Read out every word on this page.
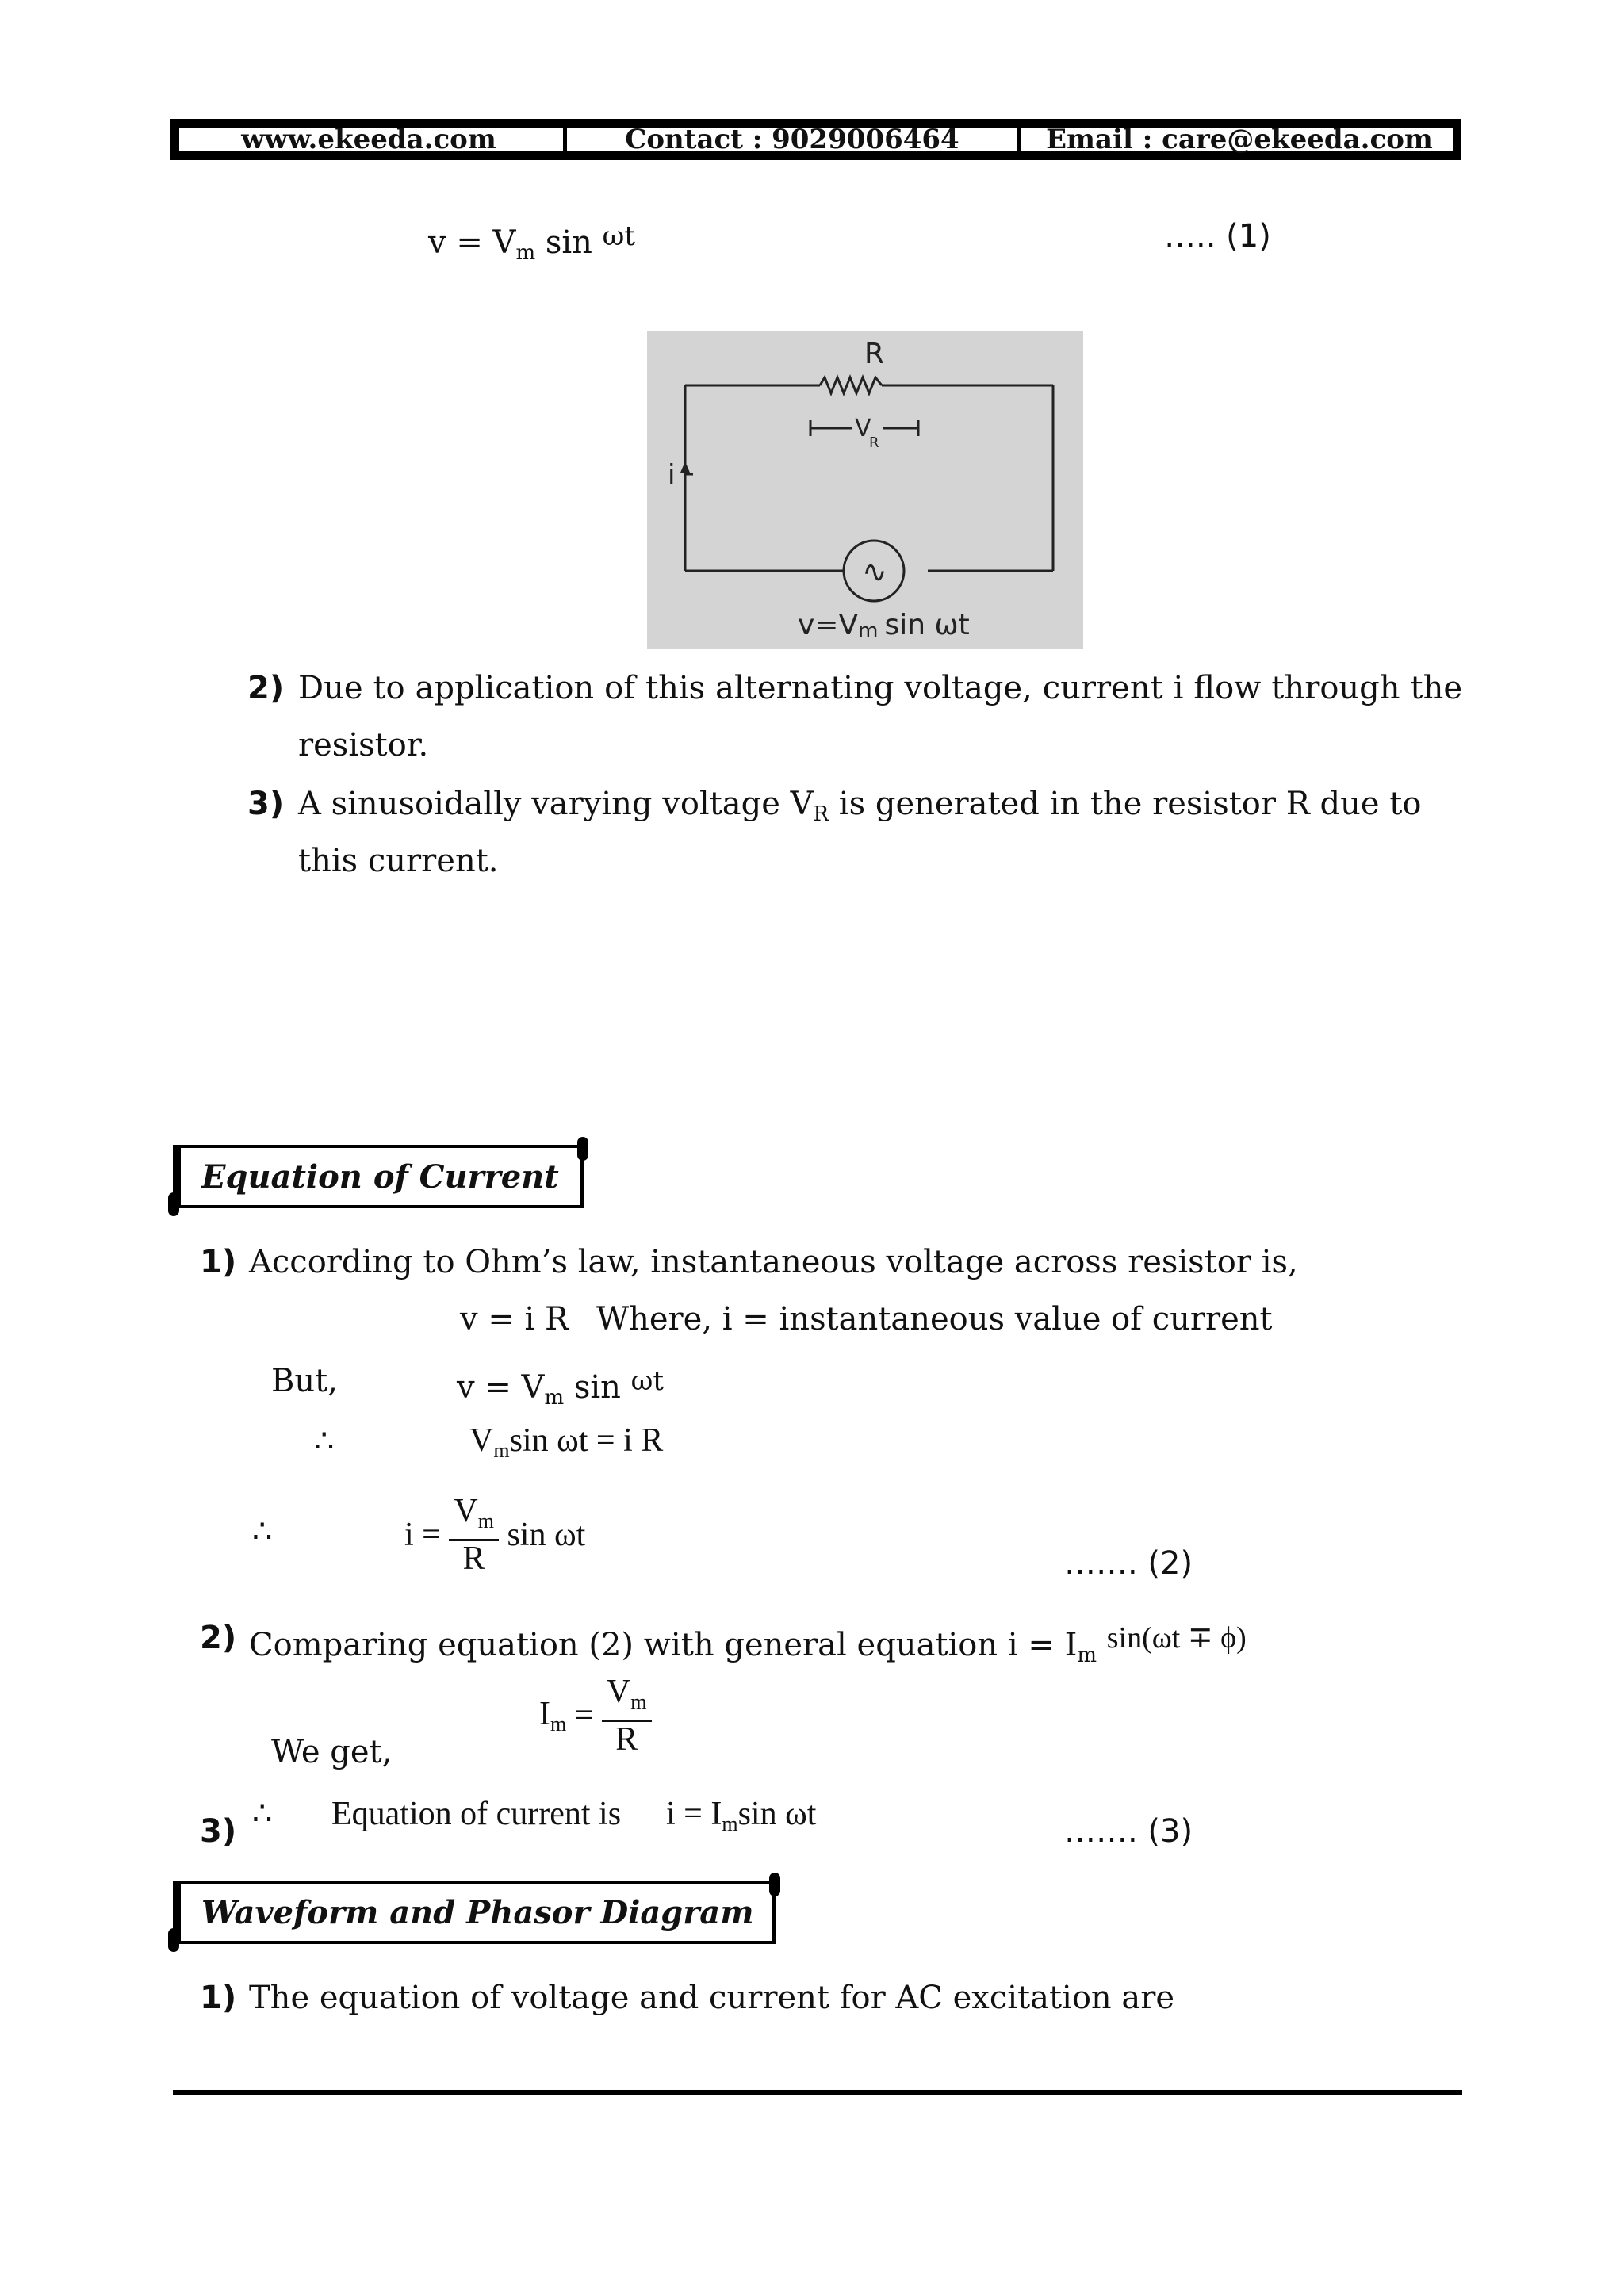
www.ekeeda.com	Contact : 9029006464	Email : care@ekeeda.com
$v = V_m$ sin $^{\omega t}$	….. (1)
R
V
R
i
∿
v=Vm sin ωt
2) Due to application of this alternating voltage, current i flow through the
resistor.
3) A sinusoidally varying voltage $V_R$ is generated in the resistor R due to
this current.
Equation of Current
1) According to Ohm’s law, instantaneous voltage across resistor is,
v = i R Where, i = instantaneous value of current
But,	$v = V_m$ sin $^{\omega t}$
∴	$V_m\sin$ ωt = i R
∴	$i = \frac{V_m}{R}$ sin ωt
……. (2)
2) Comparing equation (2) with general equation $i = I_m$ sin(ωt ∓ ϕ)
We get,
$I_m = \frac{V_m}{R}$
3) ∴ Equation of current is $i = I_m\sin$ ωt	……. (3)
Waveform and Phasor Diagram
1) The equation of voltage and current for AC excitation are
